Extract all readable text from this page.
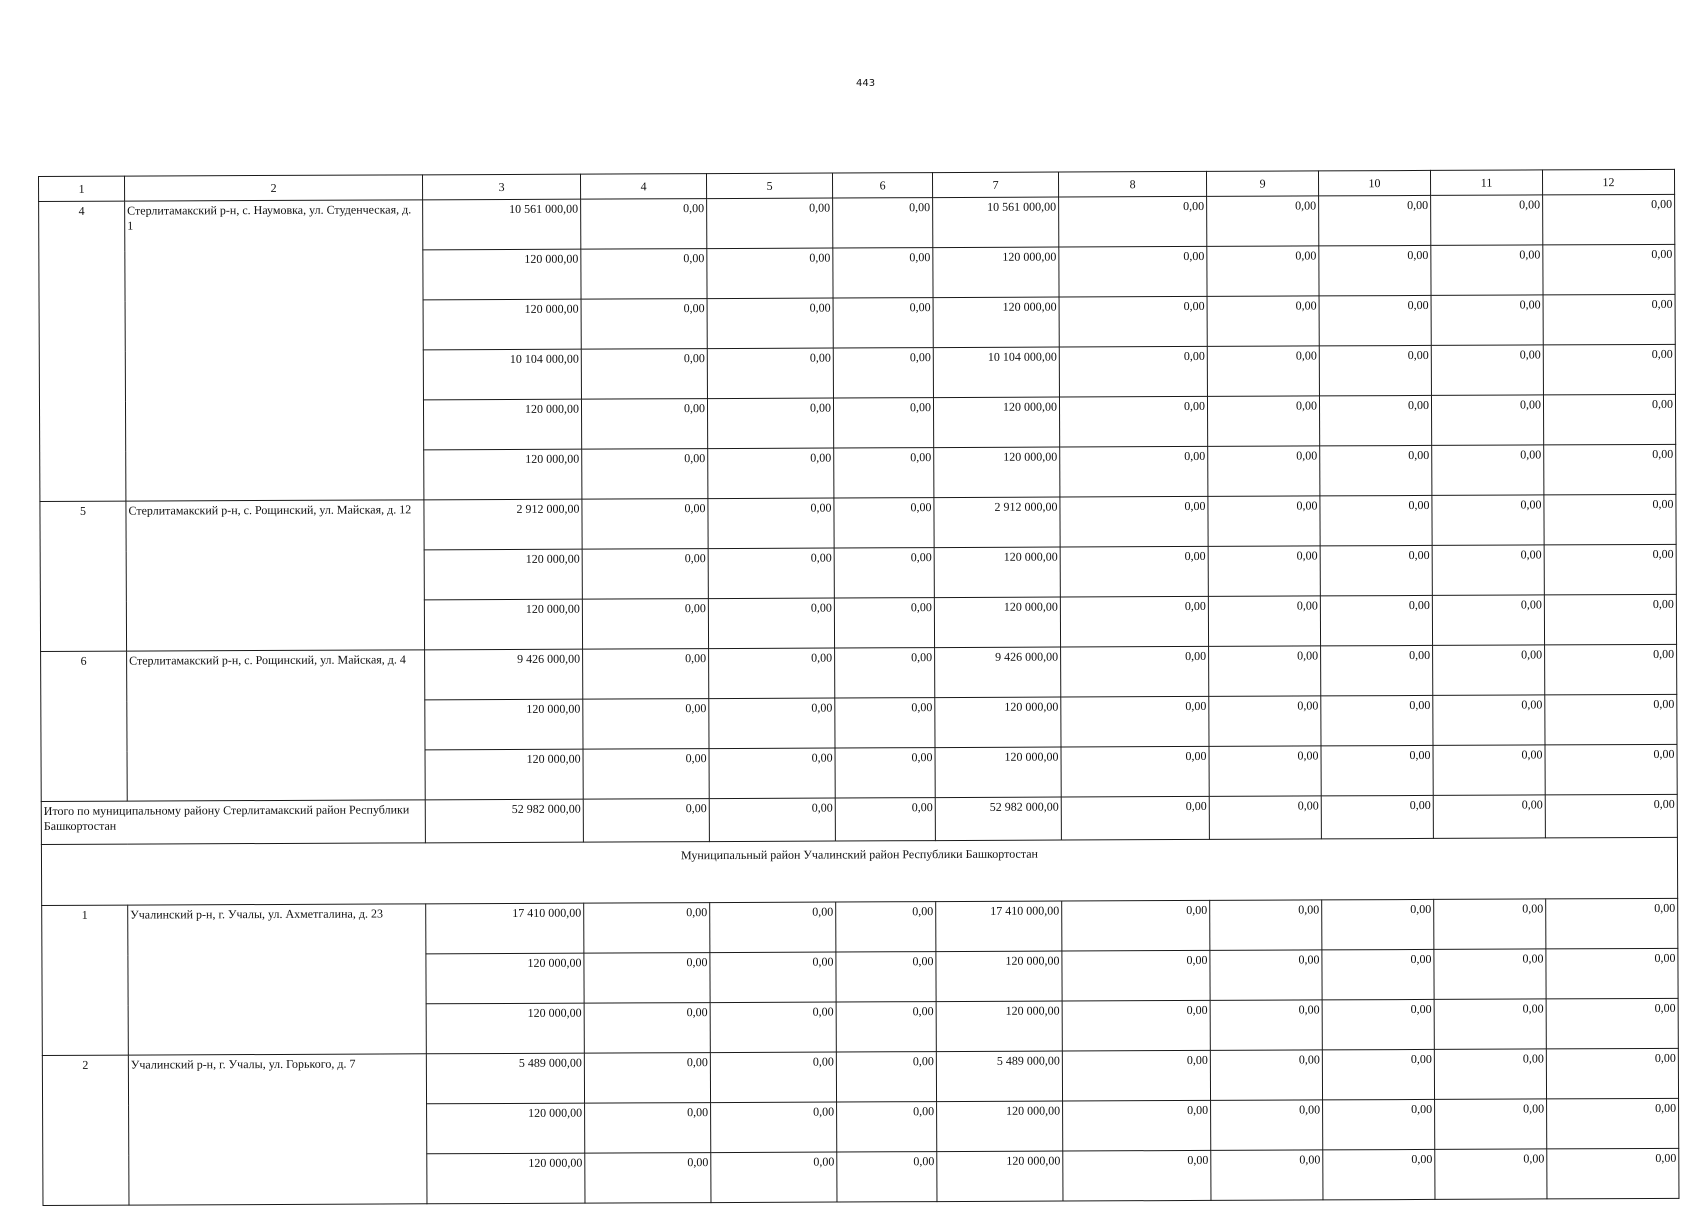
443
1	2	3	4	5	6	7	8	9	10	11	12
4	Стерлитамакский р-н, с. Наумовка, ул. Студенческая, д. 1	10 561 000,00	0,00	0,00	0,00	10 561 000,00	0,00	0,00	0,00	0,00	0,00
		120 000,00	0,00	0,00	0,00	120 000,00	0,00	0,00	0,00	0,00	0,00
		120 000,00	0,00	0,00	0,00	120 000,00	0,00	0,00	0,00	0,00	0,00
		10 104 000,00	0,00	0,00	0,00	10 104 000,00	0,00	0,00	0,00	0,00	0,00
		120 000,00	0,00	0,00	0,00	120 000,00	0,00	0,00	0,00	0,00	0,00
		120 000,00	0,00	0,00	0,00	120 000,00	0,00	0,00	0,00	0,00	0,00
5	Стерлитамакский р-н, с. Рощинский, ул. Майская, д. 12	2 912 000,00	0,00	0,00	0,00	2 912 000,00	0,00	0,00	0,00	0,00	0,00
		120 000,00	0,00	0,00	0,00	120 000,00	0,00	0,00	0,00	0,00	0,00
		120 000,00	0,00	0,00	0,00	120 000,00	0,00	0,00	0,00	0,00	0,00
6	Стерлитамакский р-н, с. Рощинский, ул. Майская, д. 4	9 426 000,00	0,00	0,00	0,00	9 426 000,00	0,00	0,00	0,00	0,00	0,00
		120 000,00	0,00	0,00	0,00	120 000,00	0,00	0,00	0,00	0,00	0,00
		120 000,00	0,00	0,00	0,00	120 000,00	0,00	0,00	0,00	0,00	0,00
Итого по муниципальному району Стерлитамакский район Республики Башкортостан		52 982 000,00	0,00	0,00	0,00	52 982 000,00	0,00	0,00	0,00	0,00	0,00
Муниципальный район Учалинский район Республики Башкортостан											
1	Учалинский р-н, г. Учалы, ул. Ахметгалина, д. 23	17 410 000,00	0,00	0,00	0,00	17 410 000,00	0,00	0,00	0,00	0,00	0,00
		120 000,00	0,00	0,00	0,00	120 000,00	0,00	0,00	0,00	0,00	0,00
		120 000,00	0,00	0,00	0,00	120 000,00	0,00	0,00	0,00	0,00	0,00
2	Учалинский р-н, г. Учалы, ул. Горького, д. 7	5 489 000,00	0,00	0,00	0,00	5 489 000,00	0,00	0,00	0,00	0,00	0,00
		120 000,00	0,00	0,00	0,00	120 000,00	0,00	0,00	0,00	0,00	0,00
		120 000,00	0,00	0,00	0,00	120 000,00	0,00	0,00	0,00	0,00	0,00
